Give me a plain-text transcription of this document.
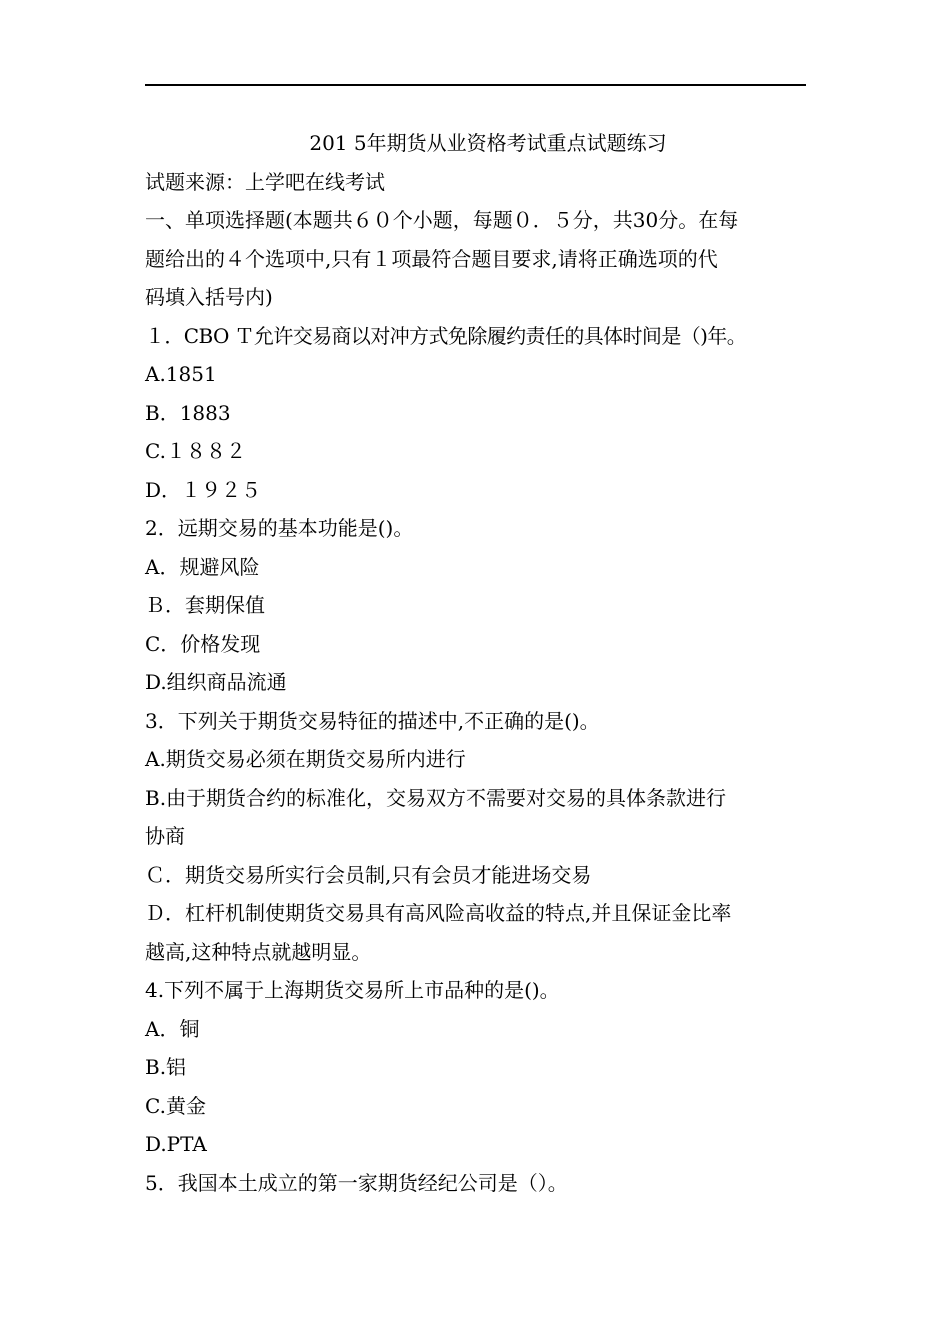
201 5年期货从业资格考试重点试题练习
试题来源：上学吧在线考试
一、单项选择题(本题共６０个小题，每题０．５分，共30分。在每
题给出的４个选项中,只有１项最符合题目要求,请将正确选项的代
码填入括号内)
１．CBO Ｔ允许交易商以对冲方式免除履约责任的具体时间是（)年。
A.1851
B．1883
C.１８８２
D．１９２５
2．远期交易的基本功能是()。
A．规避风险
Ｂ．套期保值
C．价格发现
D.组织商品流通
3．下列关于期货交易特征的描述中,不正确的是()。
A.期货交易必须在期货交易所内进行
B.由于期货合约的标准化，交易双方不需要对交易的具体条款进行
协商
Ｃ．期货交易所实行会员制,只有会员才能进场交易
Ｄ．杠杆机制使期货交易具有高风险高收益的特点,并且保证金比率
越高,这种特点就越明显。
4.下列不属于上海期货交易所上市品种的是()。
A．铜
B.铝
C.黄金
D.PTA
5．我国本土成立的第一家期货经纪公司是（）。
